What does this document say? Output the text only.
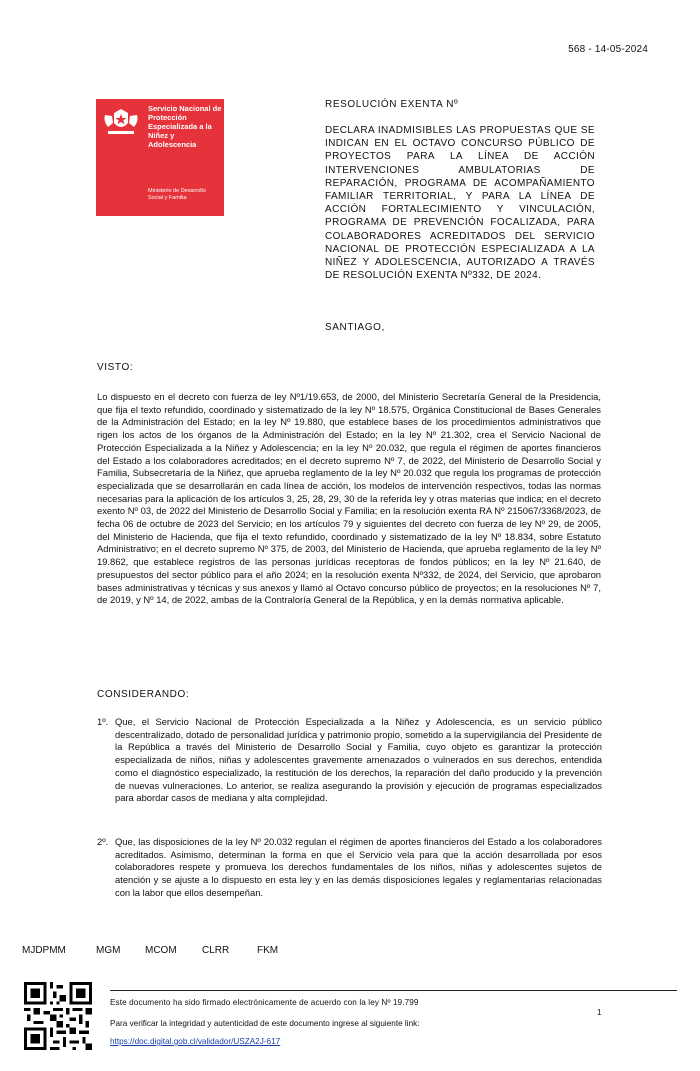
568 - 14-05-2024
Servicio Nacional de Protección Especializada a la Niñez y Adolescencia
Ministerio de Desarrollo Social y Familia
RESOLUCIÓN EXENTA Nº
DECLARA INADMISIBLES LAS PROPUESTAS QUE SE INDICAN EN EL OCTAVO CONCURSO PÚBLICO DE PROYECTOS PARA LA LÍNEA DE ACCIÓN INTERVENCIONES AMBULATORIAS DE REPARACIÓN, PROGRAMA DE ACOMPAÑAMIENTO FAMILIAR TERRITORIAL, Y PARA LA LÍNEA DE ACCIÓN FORTALECIMIENTO Y VINCULACIÓN, PROGRAMA DE PREVENCIÓN FOCALIZADA, PARA COLABORADORES ACREDITADOS DEL SERVICIO NACIONAL DE PROTECCIÓN ESPECIALIZADA A LA NIÑEZ Y ADOLESCENCIA, AUTORIZADO A TRAVÉS DE RESOLUCIÓN EXENTA Nº332, DE 2024.
SANTIAGO,
VISTO:
Lo dispuesto en el decreto con fuerza de ley Nº1/19.653, de 2000, del Ministerio Secretaría General de la Presidencia, que fija el texto refundido, coordinado y sistematizado de la ley Nº 18.575, Orgánica Constitucional de Bases Generales de la Administración del Estado; en la ley Nº 19.880, que establece bases de los procedimientos administrativos que rigen los actos de los órganos de la Administración del Estado; en la ley Nº 21.302, crea el Servicio Nacional de Protección Especializada a la Niñez y Adolescencia; en la ley Nº 20.032, que regula el régimen de aportes financieros del Estado a los colaboradores acreditados; en el decreto supremo Nº 7, de 2022, del Ministerio de Desarrollo Social y Familia, Subsecretaría de la Niñez, que aprueba reglamento de la ley Nº 20.032 que regula los programas de protección especializada que se desarrollarán en cada línea de acción, los modelos de intervención respectivos, todas las normas necesarias para la aplicación de los artículos 3, 25, 28, 29, 30 de la referida ley y otras materias que indica; en el decreto exento Nº 03, de 2022 del Ministerio de Desarrollo Social y Familia; en la resolución exenta RA Nº 215067/3368/2023, de fecha 06 de octubre de 2023 del Servicio; en los artículos 79 y siguientes del decreto con fuerza de ley Nº 29, de 2005, del Ministerio de Hacienda, que fija el texto refundido, coordinado y sistematizado de la ley Nº 18.834, sobre Estatuto Administrativo; en el decreto supremo Nº 375, de 2003, del Ministerio de Hacienda, que aprueba reglamento de la ley Nº 19.862, que establece registros de las personas jurídicas receptoras de fondos públicos; en la ley Nº 21.640, de presupuestos del sector público para el año 2024; en la resolución exenta Nº332, de 2024, del Servicio, que aprobaron bases administrativas y técnicas y sus anexos y llamó al Octavo concurso público de proyectos; en la resoluciones Nº 7, de 2019, y Nº 14, de 2022, ambas de la Contraloría General de la República, y en la demás normativa aplicable.
CONSIDERANDO:
1º. Que, el Servicio Nacional de Protección Especializada a la Niñez y Adolescencia, es un servicio público descentralizado, dotado de personalidad jurídica y patrimonio propio, sometido a la supervigilancia del Presidente de la República a través del Ministerio de Desarrollo Social y Familia, cuyo objeto es garantizar la protección especializada de niños, niñas y adolescentes gravemente amenazados o vulnerados en sus derechos, entendida como el diagnóstico especializado, la restitución de los derechos, la reparación del daño producido y la prevención de nuevas vulneraciones. Lo anterior, se realiza asegurando la provisión y ejecución de programas especializados para abordar casos de mediana y alta complejidad.
2º. Que, las disposiciones de la ley Nº 20.032 regulan el régimen de aportes financieros del Estado a los colaboradores acreditados. Asimismo, determinan la forma en que el Servicio vela para que la acción desarrollada por esos colaboradores respete y promueva los derechos fundamentales de los niños, niñas y adolescentes sujetos de atención y se ajuste a lo dispuesto en esta ley y en las demás disposiciones legales y reglamentarias relacionadas con la labor que ellos desempeñan.
MJDPMM	MGM MCOM	CLRR	FKM
Este documento ha sido firmado electrónicamente de acuerdo con la ley Nº 19.799
Para verificar la integridad y autenticidad de este documento ingrese al siguiente link:
https://doc.digital.gob.cl/validador/USZA2J-617
1
